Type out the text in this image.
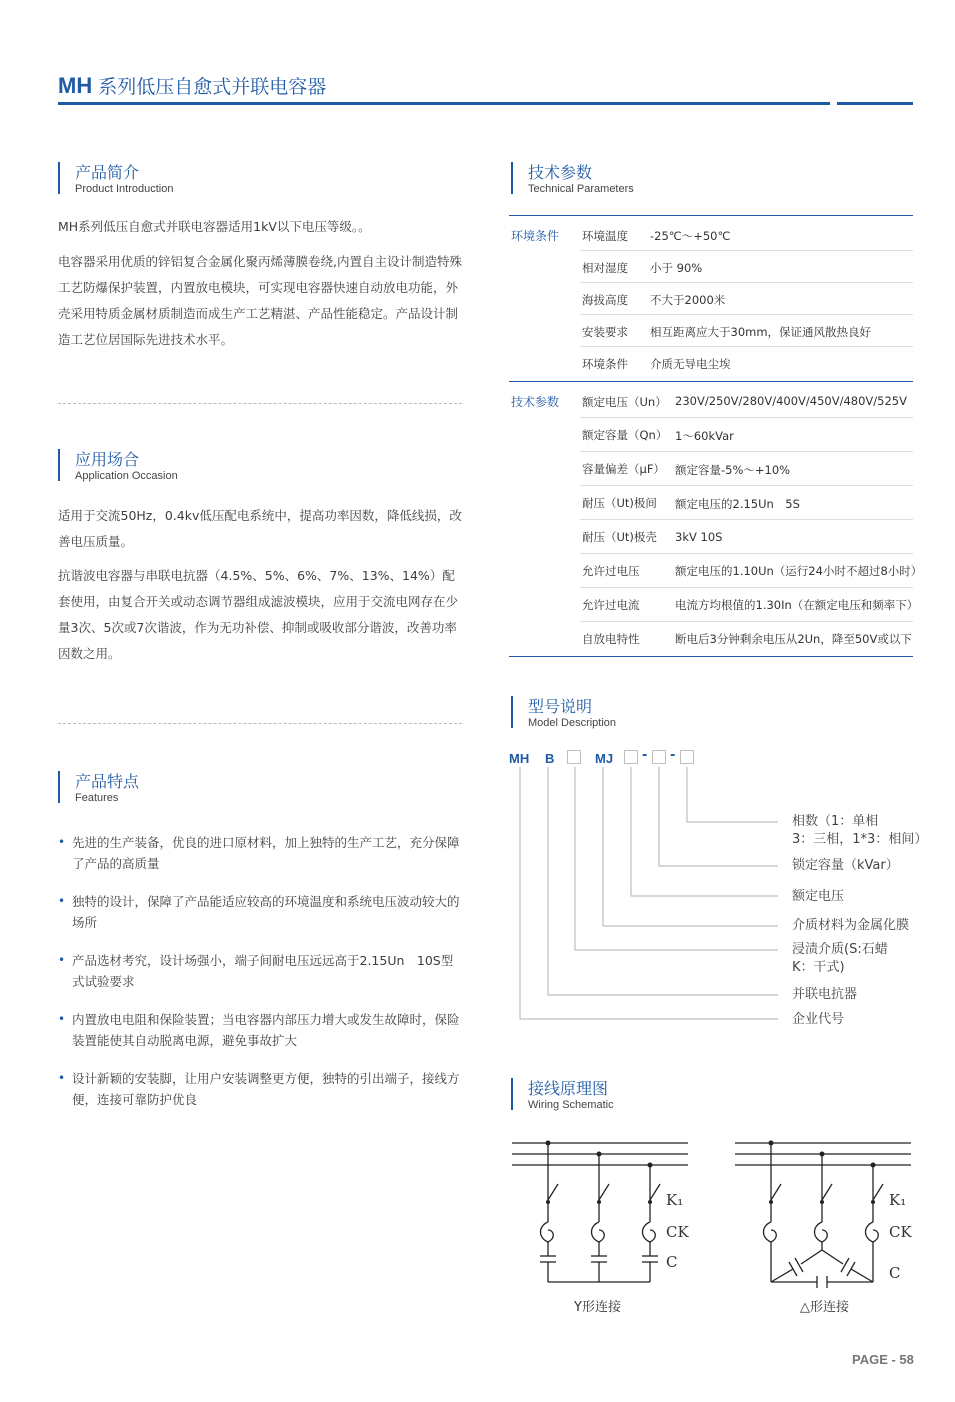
MH 系列低压自愈式并联电容器
产品简介
Product Introduction
MH系列低压自愈式并联电容器适用1kV以下电压等级。。
电容器采用优质的锌铝复合金属化聚丙烯薄膜卷绕,内置自主设计制造特殊工艺防爆保护装置，内置放电模块，可实现电容器快速自动放电功能，外壳采用特质金属材质制造而成生产工艺精湛、产品性能稳定。产品设计制造工艺位居国际先进技术水平。
应用场合
Application Occasion
适用于交流50Hz，0.4kv低压配电系统中，提高功率因数，降低线损，改善电压质量。
抗谐波电容器与串联电抗器（4.5%、5%、6%、7%、13%、14%）配套使用，由复合开关或动态调节器组成滤波模块，应用于交流电网存在少量3次、5次或7次谐波，作为无功补偿、抑制或吸收部分谐波，改善功率因数之用。
产品特点
Features
• 先进的生产装备，优良的进口原材料，加上独特的生产工艺，充分保障了产品的高质量
• 独特的设计，保障了产品能适应较高的环境温度和系统电压波动较大的场所
• 产品选材考究，设计场强小，端子间耐电压远远高于2.15Un　10S型式试验要求
• 内置放电电阻和保险装置；当电容器内部压力增大或发生故障时，保险装置能使其自动脱离电源，避免事故扩大
• 设计新颖的安装脚，让用户安装调整更方便，独特的引出端子，接线方便，连接可靠防护优良
技术参数
Technical Parameters
环境条件 环境温度 -25℃～+50℃
相对湿度 小于 90%
海拔高度 不大于2000米
安装要求 相互距离应大于30mm，保证通风散热良好
环境条件 介质无导电尘埃
技术参数 额定电压（Un） 230V/250V/280V/400V/450V/480V/525V
额定容量（Qn） 1～60kVar
容量偏差（μF） 额定容量-5%～+10%
耐压（Ut)极间 额定电压的2.15Un　5S
耐压（Ut)极壳 3kV 10S
允许过电压	额定电压的1.10Un（运行24小时不超过8小时）
允许过电流	电流方均根值的1.30In（在额定电压和频率下）
自放电特性	断电后3分钟剩余电压从2Un，降至50V或以下
型号说明
Model Description
MH B	MJ - -
相数（1：单相
3：三相，1*3：相间）
锁定容量（kVar）
额定电压
介质材料为金属化膜
浸渍介质(S:石蜡
K：干式)
并联电抗器
企业代号
接线原理图
Wiring Schematic
K₁
CK
C
Y形连接
K₁
CK
C
△形连接
PAGE - 58
